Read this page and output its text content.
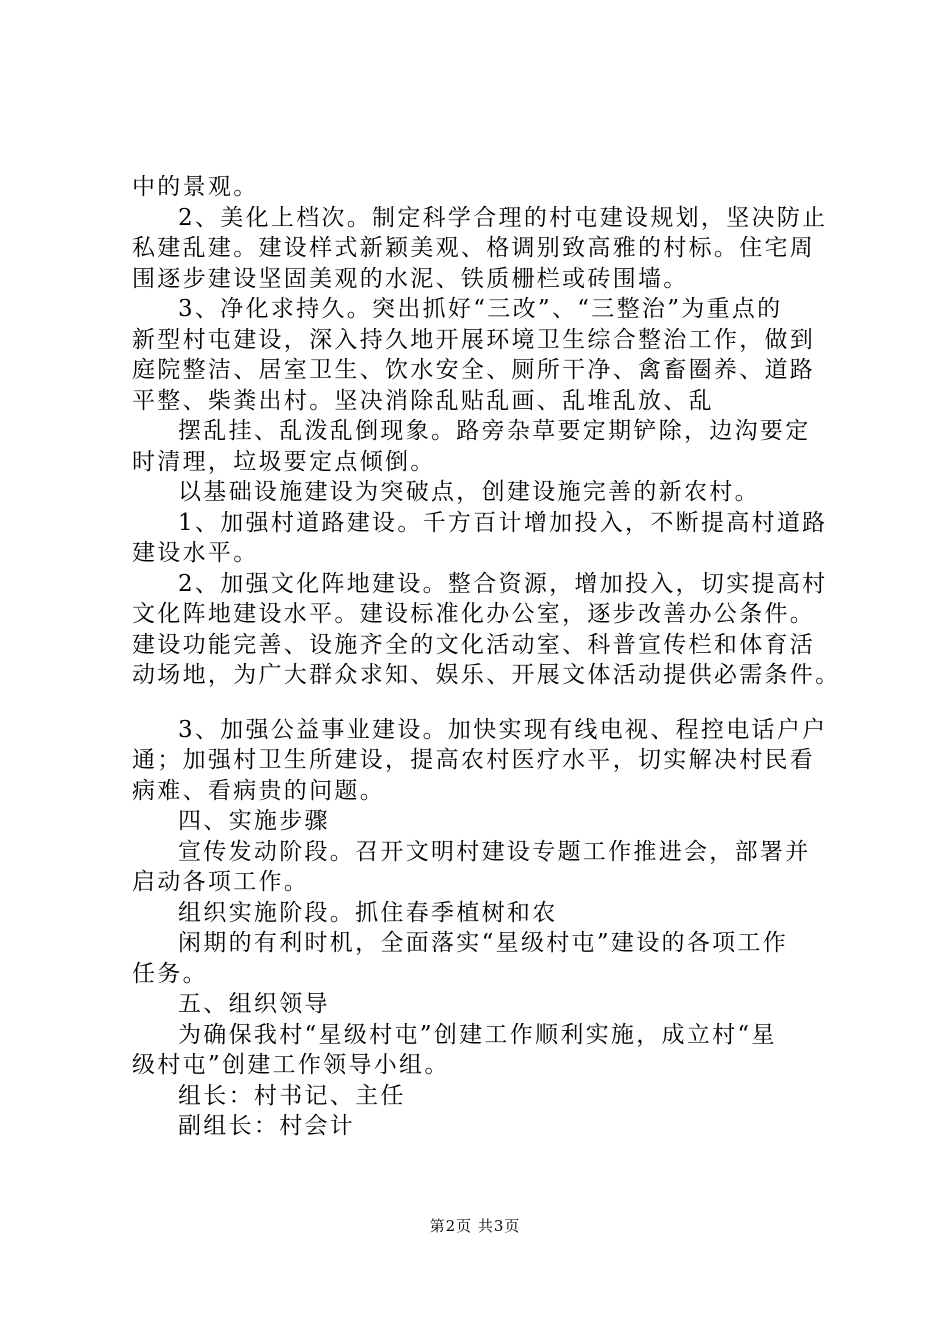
中的景观。
2、美化上档次。制定科学合理的村屯建设规划，坚决防止
私建乱建。建设样式新颖美观、格调别致高雅的村标。住宅周
围逐步建设坚固美观的水泥、铁质栅栏或砖围墙。
3、净化求持久。突出抓好“三改”、“三整治”为重点的
新型村屯建设，深入持久地开展环境卫生综合整治工作，做到
庭院整洁、居室卫生、饮水安全、厕所干净、禽畜圈养、道路
平整、柴粪出村。坚决消除乱贴乱画、乱堆乱放、乱
摆乱挂、乱泼乱倒现象。路旁杂草要定期铲除，边沟要定
时清理，垃圾要定点倾倒。
以基础设施建设为突破点，创建设施完善的新农村。
1、加强村道路建设。千方百计增加投入，不断提高村道路
建设水平。
2、加强文化阵地建设。整合资源，增加投入，切实提高村
文化阵地建设水平。建设标准化办公室，逐步改善办公条件。
建设功能完善、设施齐全的文化活动室、科普宣传栏和体育活
动场地，为广大群众求知、娱乐、开展文体活动提供必需条件。
3、加强公益事业建设。加快实现有线电视、程控电话户户
通；加强村卫生所建设，提高农村医疗水平，切实解决村民看
病难、看病贵的问题。
四、实施步骤
宣传发动阶段。召开文明村建设专题工作推进会，部署并
启动各项工作。
组织实施阶段。抓住春季植树和农
闲期的有利时机，全面落实“星级村屯”建设的各项工作
任务。
五、组织领导
为确保我村“星级村屯”创建工作顺利实施，成立村“星
级村屯”创建工作领导小组。
组长：村书记、主任
副组长：村会计
第2页 共3页
